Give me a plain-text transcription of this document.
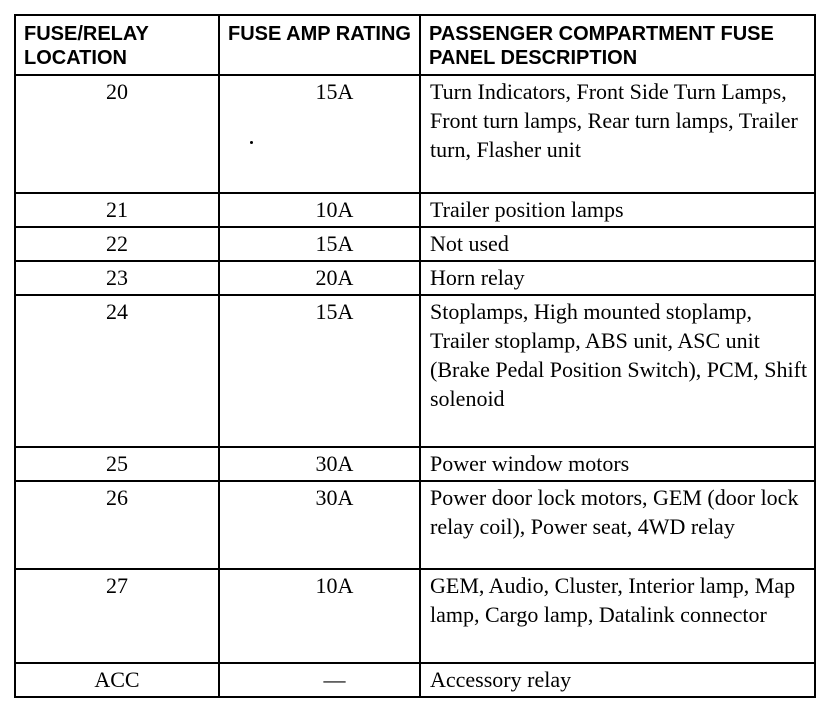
FUSE/RELAY LOCATION	FUSE AMP RATING	PASSENGER COMPARTMENT FUSE PANEL DESCRIPTION
20	15A	Turn Indicators, Front Side Turn Lamps, Front turn lamps, Rear turn lamps, Trailer turn, Flasher unit
21	10A	Trailer position lamps
22	15A	Not used
23	20A	Horn relay
24	15A	Stoplamps, High mounted stoplamp, Trailer stoplamp, ABS unit, ASC unit (Brake Pedal Position Switch), PCM, Shift solenoid
25	30A	Power window motors
26	30A	Power door lock motors, GEM (door lock relay coil), Power seat, 4WD relay
27	10A	GEM, Audio, Cluster, Interior lamp, Map lamp, Cargo lamp, Datalink connector
ACC	—	Accessory relay
